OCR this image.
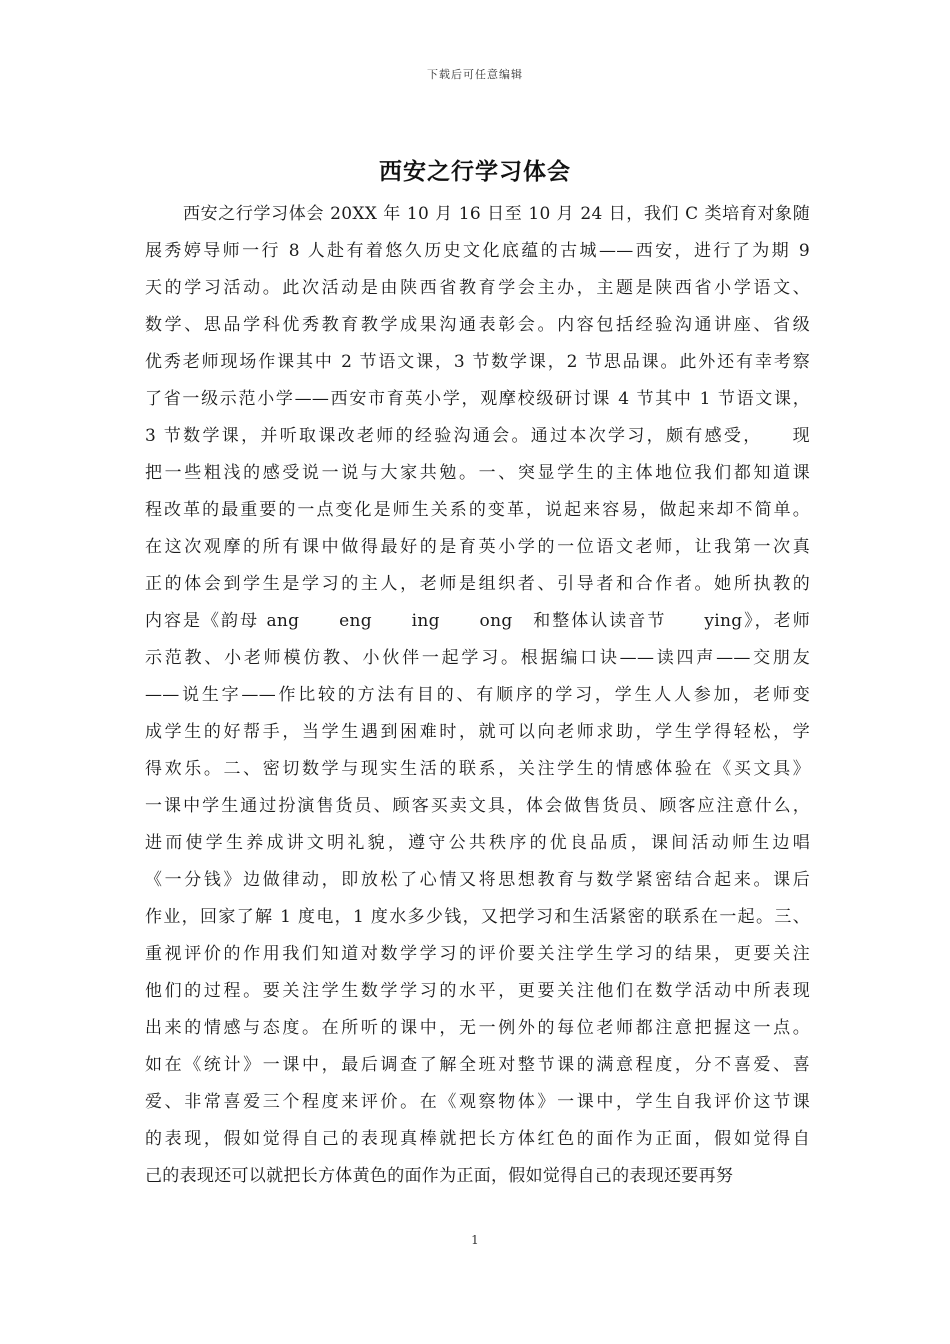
下载后可任意编辑
西安之行学习体会
西安之行学习体会 20XX 年 10 月 16 日至 10 月 24 日，我们 C 类培育对象随
展秀婷导师一行 8 人赴有着悠久历史文化底蕴的古城——西安，进行了为期 9
天的学习活动。此次活动是由陕西省教育学会主办，主题是陕西省小学语文、
数学、思品学科优秀教育教学成果沟通表彰会。内容包括经验沟通讲座、省级
优秀老师现场作课其中 2 节语文课，3 节数学课，2 节思品课。此外还有幸考察
了省一级示范小学——西安市育英小学，观摩校级研讨课 4 节其中 1 节语文课，
3 节数学课，并听取课改老师的经验沟通会。通过本次学习，颇有感受，　　现
把一些粗浅的感受说一说与大家共勉。一、突显学生的主体地位我们都知道课
程改革的最重要的一点变化是师生关系的变革，说起来容易，做起来却不简单。
在这次观摩的所有课中做得最好的是育英小学的一位语文老师，让我第一次真
正的体会到学生是学习的主人，老师是组织者、引导者和合作者。她所执教的
内容是《韵母 ang　　eng　　ing　　ong　和整体认读音节　　ying》，老师
示范教、小老师模仿教、小伙伴一起学习。根据编口诀——读四声——交朋友
——说生字——作比较的方法有目的、有顺序的学习，学生人人参加，老师变
成学生的好帮手，当学生遇到困难时，就可以向老师求助，学生学得轻松，学
得欢乐。二、密切数学与现实生活的联系，关注学生的情感体验在《买文具》
一课中学生通过扮演售货员、顾客买卖文具，体会做售货员、顾客应注意什么，
进而使学生养成讲文明礼貌，遵守公共秩序的优良品质，课间活动师生边唱
《一分钱》边做律动，即放松了心情又将思想教育与数学紧密结合起来。课后
作业，回家了解 1 度电，1 度水多少钱，又把学习和生活紧密的联系在一起。三、
重视评价的作用我们知道对数学学习的评价要关注学生学习的结果，更要关注
他们的过程。要关注学生数学学习的水平，更要关注他们在数学活动中所表现
出来的情感与态度。在所听的课中，无一例外的每位老师都注意把握这一点。
如在《统计》一课中，最后调查了解全班对整节课的满意程度，分不喜爱、喜
爱、非常喜爱三个程度来评价。在《观察物体》一课中，学生自我评价这节课
的表现，假如觉得自己的表现真棒就把长方体红色的面作为正面，假如觉得自
己的表现还可以就把长方体黄色的面作为正面，假如觉得自己的表现还要再努
1
